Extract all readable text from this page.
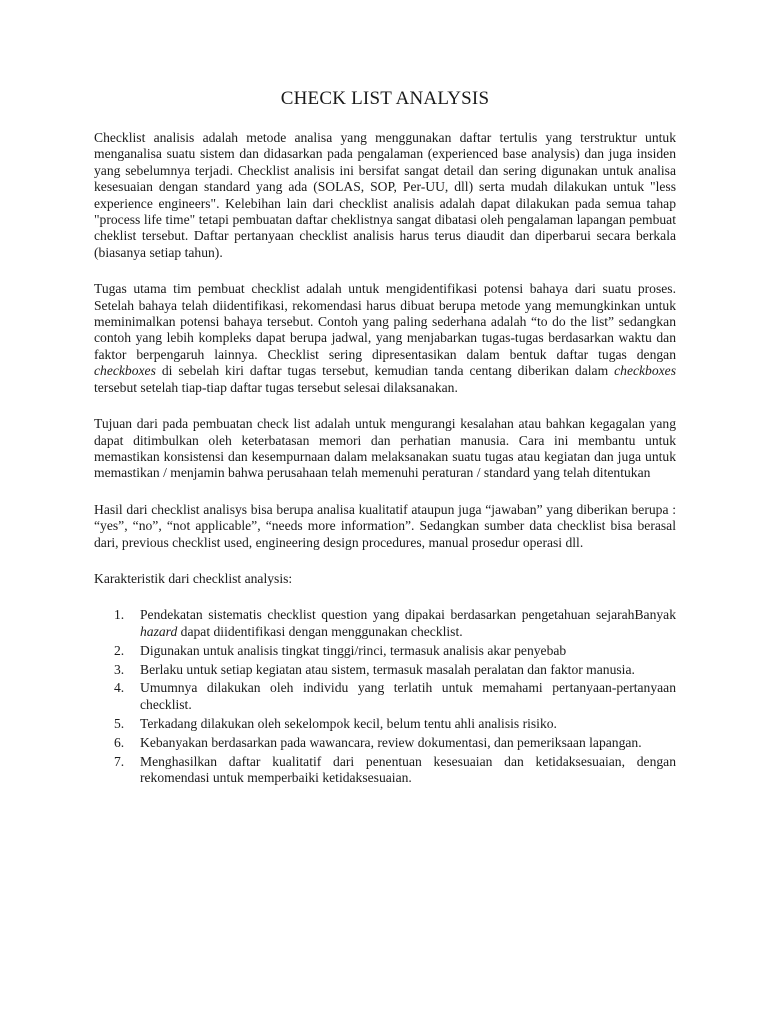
CHECK LIST ANALYSIS

Checklist analisis adalah metode analisa yang menggunakan daftar tertulis yang terstruktur untuk menganalisa suatu sistem dan didasarkan pada pengalaman (experienced base analysis) dan juga insiden yang sebelumnya terjadi. Checklist analisis ini bersifat sangat detail dan sering digunakan untuk analisa kesesuaian dengan standard yang ada (SOLAS, SOP, Per-UU, dll) serta mudah dilakukan untuk "less experience engineers". Kelebihan lain dari checklist analisis adalah dapat dilakukan pada semua tahap "process life time" tetapi pembuatan daftar cheklistnya sangat dibatasi oleh pengalaman lapangan pembuat cheklist tersebut. Daftar pertanyaan checklist analisis harus terus diaudit dan diperbarui secara berkala (biasanya setiap tahun).

Tugas utama tim pembuat checklist adalah untuk mengidentifikasi potensi bahaya dari suatu proses. Setelah bahaya telah diidentifikasi, rekomendasi harus dibuat berupa metode yang memungkinkan untuk meminimalkan potensi bahaya tersebut. Contoh yang paling sederhana adalah “to do the list” sedangkan contoh yang lebih kompleks dapat berupa jadwal, yang menjabarkan tugas-tugas berdasarkan waktu dan faktor berpengaruh lainnya. Checklist sering dipresentasikan dalam bentuk daftar tugas dengan checkboxes di sebelah kiri daftar tugas tersebut, kemudian tanda centang diberikan dalam checkboxes tersebut setelah tiap-tiap daftar tugas tersebut selesai dilaksanakan.

Tujuan dari pada pembuatan check list adalah untuk mengurangi kesalahan atau bahkan kegagalan yang dapat ditimbulkan oleh keterbatasan memori dan perhatian manusia. Cara ini membantu untuk memastikan konsistensi dan kesempurnaan dalam melaksanakan suatu tugas atau kegiatan dan juga untuk memastikan / menjamin bahwa perusahaan telah memenuhi peraturan / standard yang telah ditentukan

Hasil dari checklist analisys bisa berupa analisa kualitatif ataupun juga “jawaban” yang diberikan berupa : “yes”, “no”, “not applicable”, “needs more information”. Sedangkan sumber data checklist bisa berasal dari, previous checklist used, engineering design procedures, manual prosedur operasi dll.

Karakteristik dari checklist analysis:

1. Pendekatan sistematis checklist question yang dipakai berdasarkan pengetahuan sejarahBanyak hazard dapat diidentifikasi dengan menggunakan checklist.
2. Digunakan untuk analisis tingkat tinggi/rinci, termasuk analisis akar penyebab
3. Berlaku untuk setiap kegiatan atau sistem, termasuk masalah peralatan dan faktor manusia.
4. Umumnya dilakukan oleh individu yang terlatih untuk memahami pertanyaan-pertanyaan checklist.
5. Terkadang dilakukan oleh sekelompok kecil, belum tentu ahli analisis risiko.
6. Kebanyakan berdasarkan pada wawancara, review dokumentasi, dan pemeriksaan lapangan.
7. Menghasilkan daftar kualitatif dari penentuan kesesuaian dan ketidaksesuaian, dengan rekomendasi untuk memperbaiki ketidaksesuaian.
